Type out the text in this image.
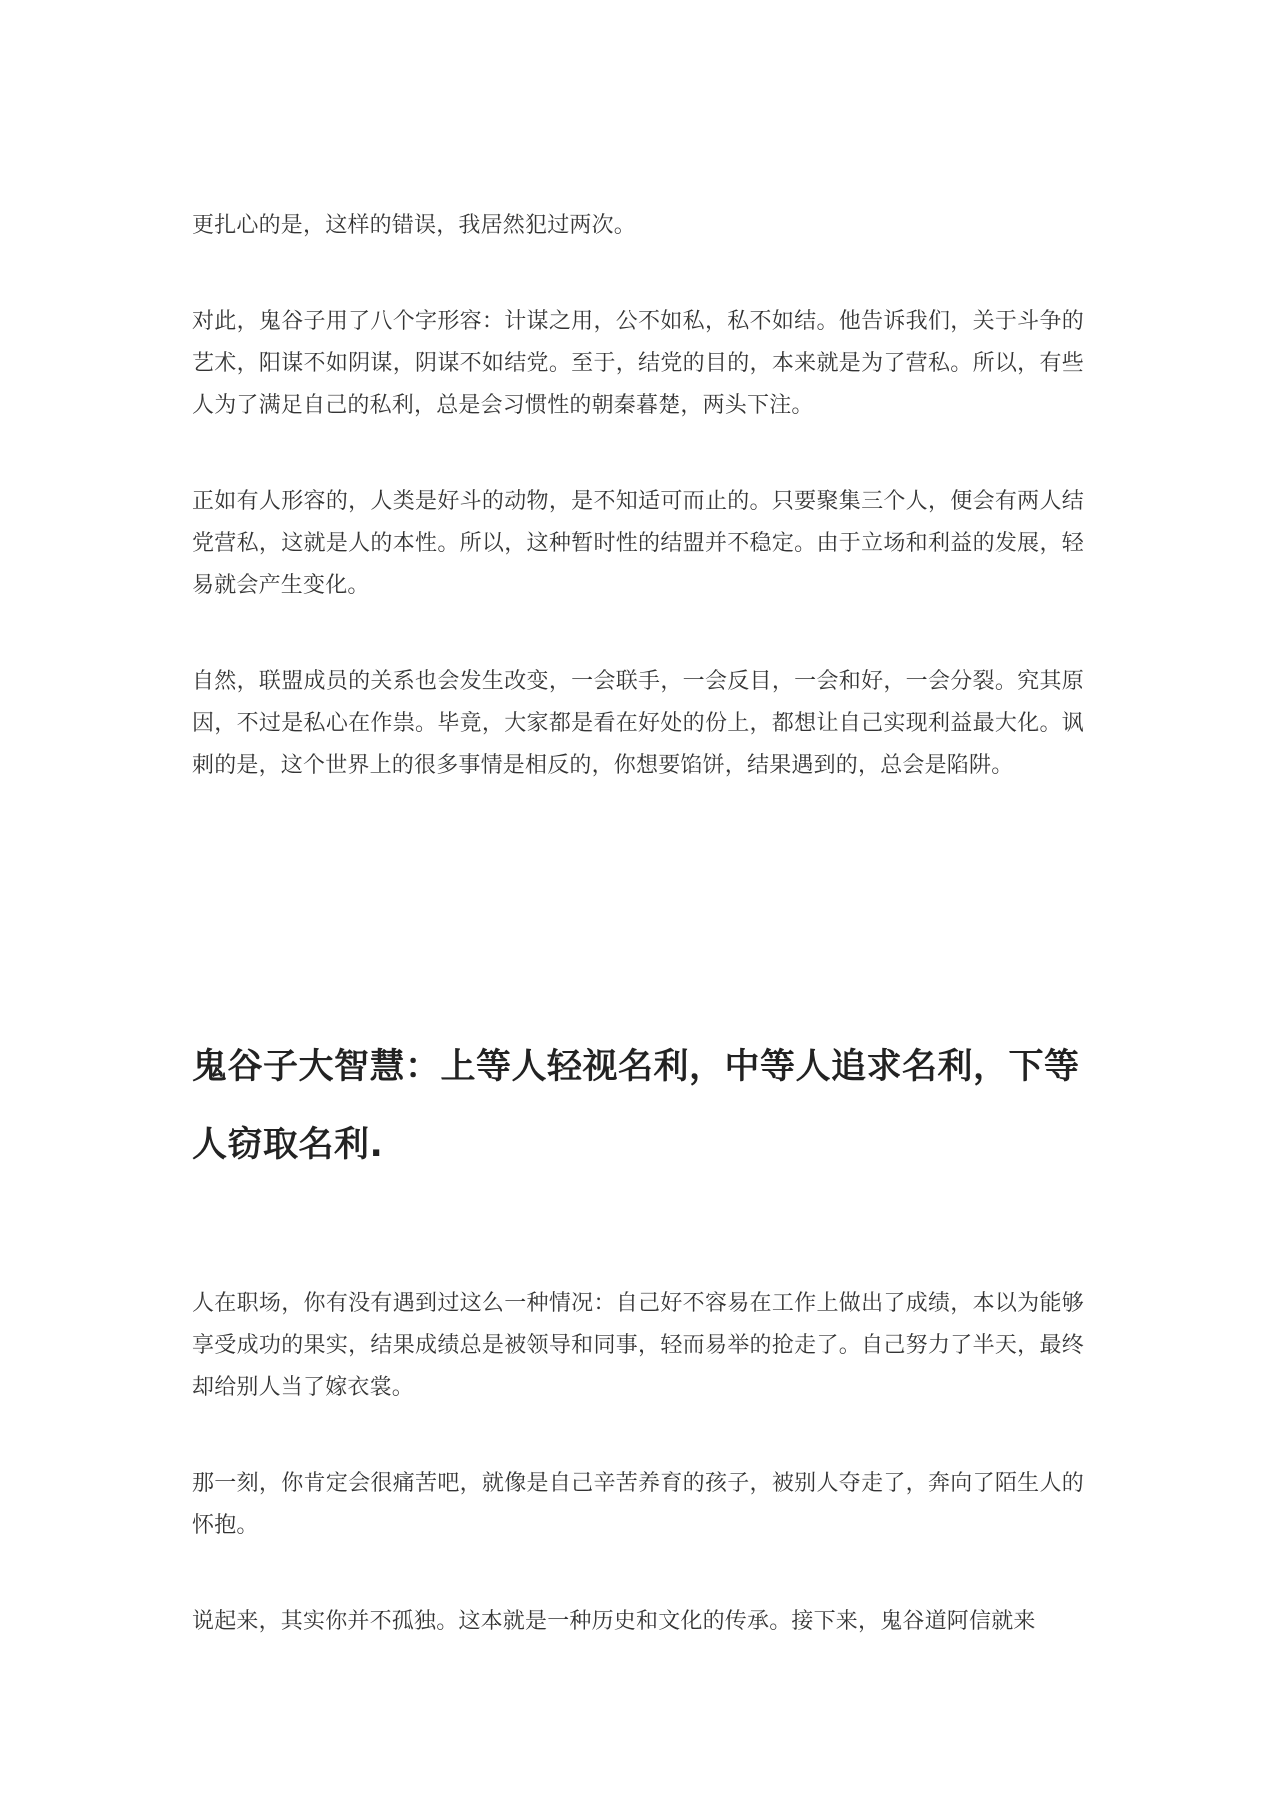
更扎心的是，这样的错误，我居然犯过两次。

对此，鬼谷子用了八个字形容：计谋之用，公不如私，私不如结。他告诉我们，关于斗争的艺术，阳谋不如阴谋，阴谋不如结党。至于，结党的目的，本来就是为了营私。所以，有些人为了满足自己的私利，总是会习惯性的朝秦暮楚，两头下注。

正如有人形容的，人类是好斗的动物，是不知适可而止的。只要聚集三个人，便会有两人结党营私，这就是人的本性。所以，这种暂时性的结盟并不稳定。由于立场和利益的发展，轻易就会产生变化。

自然，联盟成员的关系也会发生改变，一会联手，一会反目，一会和好，一会分裂。究其原因，不过是私心在作祟。毕竟，大家都是看在好处的份上，都想让自己实现利益最大化。讽刺的是，这个世界上的很多事情是相反的，你想要馅饼，结果遇到的，总会是陷阱。

鬼谷子大智慧：上等人轻视名利，中等人追求名利，下等人窃取名利.

人在职场，你有没有遇到过这么一种情况：自己好不容易在工作上做出了成绩，本以为能够享受成功的果实，结果成绩总是被领导和同事，轻而易举的抢走了。自己努力了半天，最终却给别人当了嫁衣裳。

那一刻，你肯定会很痛苦吧，就像是自己辛苦养育的孩子，被别人夺走了，奔向了陌生人的怀抱。

说起来，其实你并不孤独。这本就是一种历史和文化的传承。接下来，鬼谷道阿信就来
